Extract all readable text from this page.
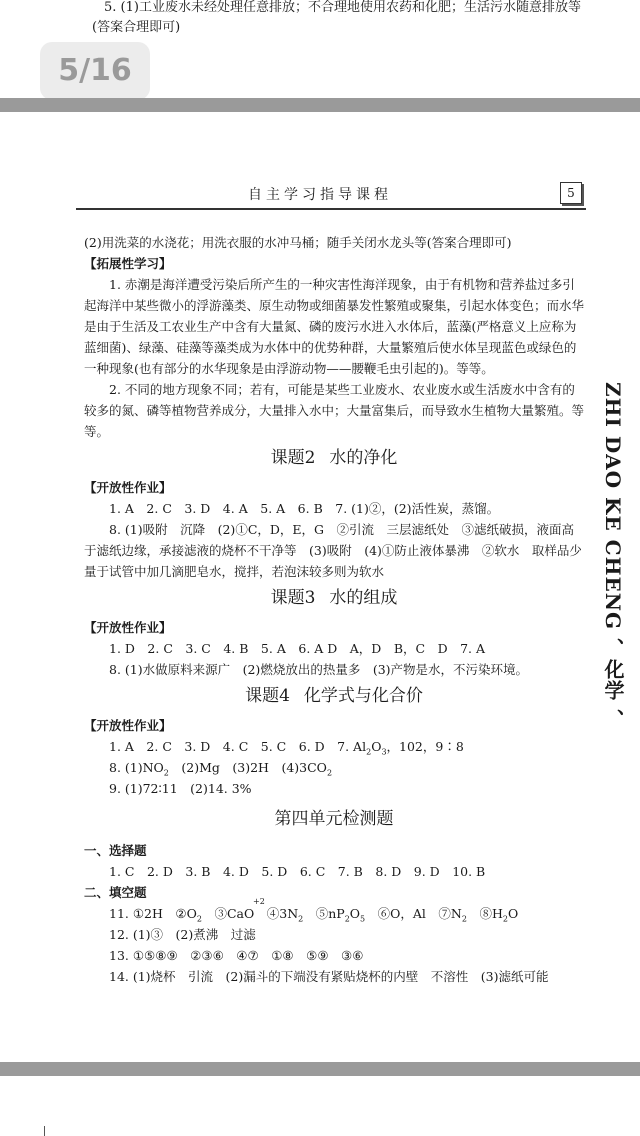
5. (1)工业废水未经处理任意排放；不合理地使用农药和化肥；生活污水随意排放等
(答案合理即可)
5/16
自主学习指导课程	5
ZHI DAO KE CHENG 、化学 、

(2)用洗菜的水浇花；用洗衣服的水冲马桶；随手关闭水龙头等(答案合理即可)

【拓展性学习】

1. 赤潮是海洋遭受污染后所产生的一种灾害性海洋现象，由于有机物和营养盐过多引起海洋中某些微小的浮游藻类、原生动物或细菌暴发性繁殖或聚集，引起水体变色；而水华是由于生活及工农业生产中含有大量氮、磷的废污水进入水体后，蓝藻(严格意义上应称为蓝细菌)、绿藻、硅藻等藻类成为水体中的优势种群，大量繁殖后使水体呈现蓝色或绿色的一种现象(也有部分的水华现象是由浮游动物——腰鞭毛虫引起的)。等等。

2. 不同的地方现象不同；若有，可能是某些工业废水、农业废水或生活废水中含有的较多的氮、磷等植物营养成分，大量排入水中；大量富集后，而导致水生植物大量繁殖。等等。

课题2 水的净化

【开放性作业】

1. A　2. C　3. D　4. A　5. A　6. B　7. (1)②，(2)活性炭，蒸馏。

8. (1)吸附　沉降　(2)①C，D，E，G　②引流　三层滤纸处　③滤纸破损，液面高于滤纸边缘，承接滤液的烧杯不干净等　(3)吸附　(4)①防止液体暴沸　②软水　取样品少量于试管中加几滴肥皂水，搅拌，若泡沫较多则为软水

课题3 水的组成

【开放性作业】

1. D　2. C　3. C　4. B　5. A　6. A D　A，D　B，C　D　7. A

8. (1)水做原料来源广　(2)燃烧放出的热量多　(3)产物是水，不污染环境。

课题4 化学式与化合价

【开放性作业】

1. A　2. C　3. D　4. C　5. C　6. D　7. $Al_2O_3$，102，9∶8

8. $(1)NO_2$　(2)Mg　(3)2H　$(4)3CO_2$

9. (1)72∶11　(2)14. 3%

第四单元检测题

一、选择题

1. C　2. D　3. B　4. D　5. D　6. C　7. B　8. D　9. D　10. B

二、填空题

11. ①2H　$②O_2$　③
+2
CaO　$④3N_2$　$⑤nP_2O_5$　⑥O，Al　$⑦N_2$　$⑧H_2O$

12. (1)③　(2)煮沸　过滤

13. ①⑤⑧⑨　②③⑥　④⑦　①⑧　⑤⑨　③⑥

14. (1)烧杯　引流　(2)漏斗的下端没有紧贴烧杯的内壁　不溶性　(3)滤纸可能
